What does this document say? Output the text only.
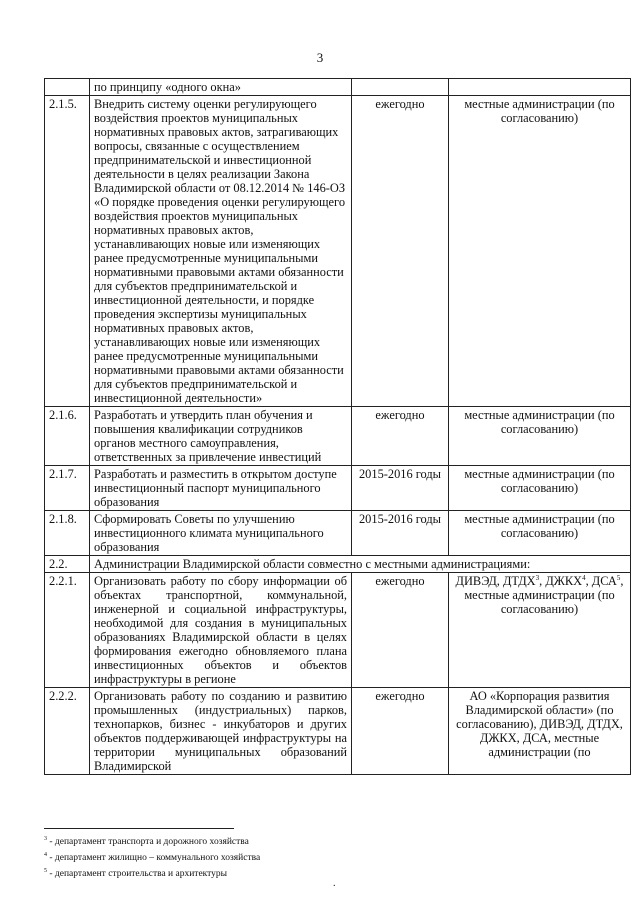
3
	по принципу «одного окна»		
2.1.5.	Внедрить систему оценки регулирующего воздействия проектов муниципальных нормативных правовых актов, затрагивающих вопросы, связанные с осуществлением предпринимательской и инвестиционной деятельности в целях реализации Закона Владимирской области от 08.12.2014 № 146-ОЗ «О порядке проведения оценки регулирующего воздействия проектов муниципальных нормативных правовых актов, устанавливающих новые или изменяющих ранее предусмотренные муниципальными нормативными правовыми актами обязанности для субъектов предпринимательской и инвестиционной деятельности, и порядке проведения экспертизы муниципальных нормативных правовых актов, устанавливающих новые или изменяющих ранее предусмотренные муниципальными нормативными правовыми актами обязанности для субъектов предпринимательской и инвестиционной деятельности»	ежегодно	местные администрации (по согласованию)
2.1.6.	Разработать и утвердить план обучения и повышения квалификации сотрудников органов местного самоуправления, ответственных за привлечение инвестиций	ежегодно	местные администрации (по согласованию)
2.1.7.	Разработать и разместить в открытом доступе инвестиционный паспорт муниципального образования	2015-2016 годы	местные администрации (по согласованию)
2.1.8.	Сформировать Советы по улучшению инвестиционного климата муниципального образования	2015-2016 годы	местные администрации (по согласованию)
2.2.	Администрации Владимирской области совместно с местными администрациями:		
2.2.1.	Организовать работу по сбору информации об объектах транспортной, коммунальной, инженерной и социальной инфраструктуры, необходимой для создания в муниципальных образованиях Владимирской области в целях формирования ежегодно обновляемого плана инвестиционных объектов и объектов инфраструктуры в регионе	ежегодно	ДИВЭД, ДТДХ$^3$, ДЖКХ$^4$, ДСА$^5$, местные администрации (по согласованию)
2.2.2.	Организовать работу по созданию и развитию промышленных (индустриальных) парков, технопарков, бизнес - инкубаторов и других объектов поддерживающей инфраструктуры на территории муниципальных образований Владимирской	ежегодно	АО «Корпорация развития Владимирской области» (по согласованию), ДИВЭД, ДТДХ, ДЖКХ, ДСА, местные администрации (по
$^3$ - департамент транспорта и дорожного хозяйства
$^4$ - департамент жилищно – коммунального хозяйства
$^5$ - департамент строительства и архитектуры
.
